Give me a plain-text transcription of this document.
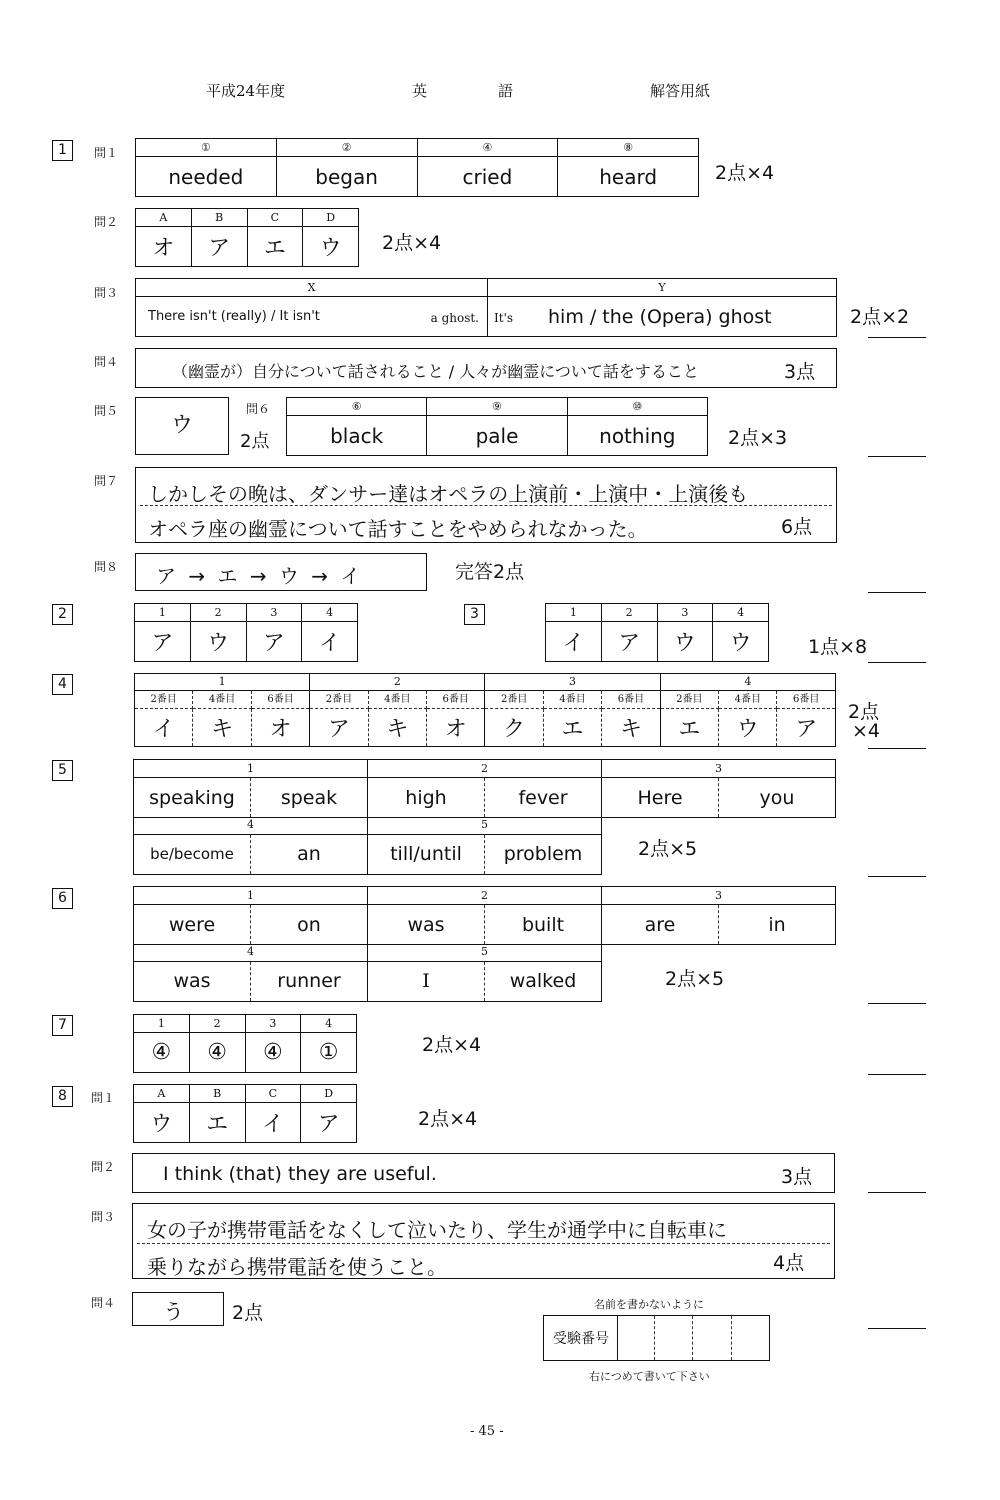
平成24年度	英	語	解答用紙
1	問１	①	②	④	⑧
needed	began	cried	heard	2点×4
問２	A	B	C	D
オ	ア	エ	ウ 2点×4
問３	X	Y

There isn't (really) / It isn't a ghost.	It's him / the (Opera) ghost	2点×2
問４	（幽霊が）自分について話されること / 人々が幽霊について話をすること	3点
問５
ウ
問６
2点
⑥	⑨	⑩
black	pale	nothing	2点×3
問７
しかしその晩は、ダンサー達はオペラの上演前・上演中・上演後も
オペラ座の幽霊について話すことをやめられなかった。	6点
問８ ア → エ → ウ → イ	完答2点
2	1	2	3	4
ア	ウ	ア	イ
3	1	2	3	4
イ	ア	ウ	ウ	1点×8
4	1			2			3			4		
2番目	4番目	6番目	2番目	4番目	6番目	2番目	4番目	6番目	2番目	4番目	6番目
イ	キ	オ	ア	キ	オ	ク	エ	キ	エ	ウ	ア
2点
×4
5	1		2		3	
speaking	speak	high	fever	Here	you
4		5	
be/become	an	till/until	problem	2点×5
6	1		2		3	
were	on	was	built	are	in
4		5	
was	runner	I	walked	2点×5
7	1	2	3	4
④	④	④	①	2点×4
8	問１	A	B	C	D
ウ	エ	イ	ア	2点×4
問２	I think (that) they are useful.	3点
問３
女の子が携帯電話をなくして泣いたり、学生が通学中に自転車に
乗りながら携帯電話を使うこと。	4点
問４ う	2点	名前を書かないように
受験番号
右につめて書いて下さい
- 45 -
